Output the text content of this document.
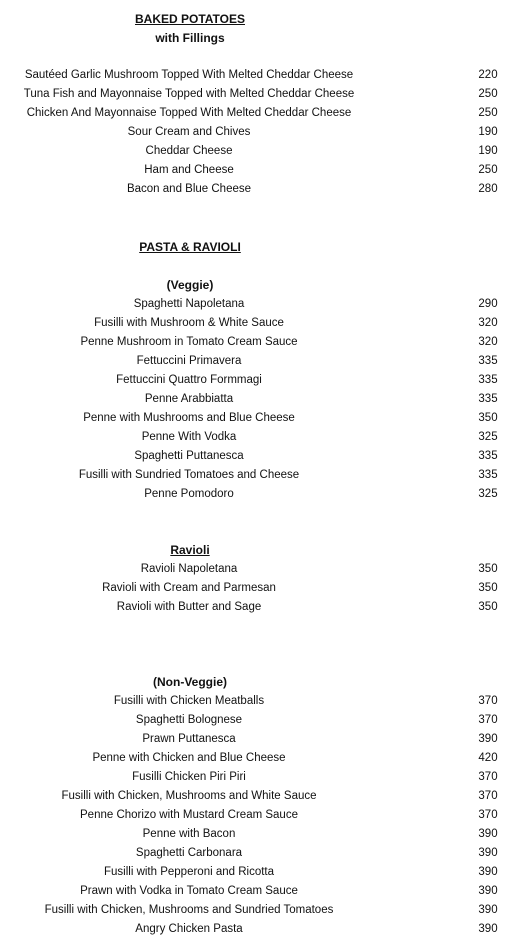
BAKED POTATOES
with Fillings
Sautéed Garlic Mushroom Topped With Melted Cheddar Cheese	220
Tuna Fish and Mayonnaise Topped with Melted Cheddar Cheese	250
Chicken And Mayonnaise Topped With Melted Cheddar Cheese	250
Sour Cream and Chives	190
Cheddar Cheese	190
Ham and Cheese	250
Bacon and Blue Cheese	280
PASTA & RAVIOLI
(Veggie)
Spaghetti Napoletana	290
Fusilli with Mushroom & White Sauce	320
Penne Mushroom in Tomato Cream Sauce	320
Fettuccini Primavera	335
Fettuccini Quattro Formmagi	335
Penne Arabbiatta	335
Penne with Mushrooms and Blue Cheese	350
Penne With Vodka	325
Spaghetti Puttanesca	335
Fusilli with Sundried Tomatoes and Cheese	335
Penne Pomodoro	325
Ravioli
Ravioli Napoletana	350
Ravioli with Cream and Parmesan	350
Ravioli with Butter and Sage	350
(Non-Veggie)
Fusilli with Chicken Meatballs	370
Spaghetti Bolognese	370
Prawn Puttanesca	390
Penne with Chicken and Blue Cheese	420
Fusilli Chicken Piri Piri	370
Fusilli with Chicken, Mushrooms and White Sauce	370
Penne Chorizo with Mustard Cream Sauce	370
Penne with Bacon	390
Spaghetti Carbonara	390
Fusilli with Pepperoni and Ricotta	390
Prawn with Vodka in Tomato Cream Sauce	390
Fusilli with Chicken, Mushrooms and Sundried Tomatoes	390
Angry Chicken Pasta	390
